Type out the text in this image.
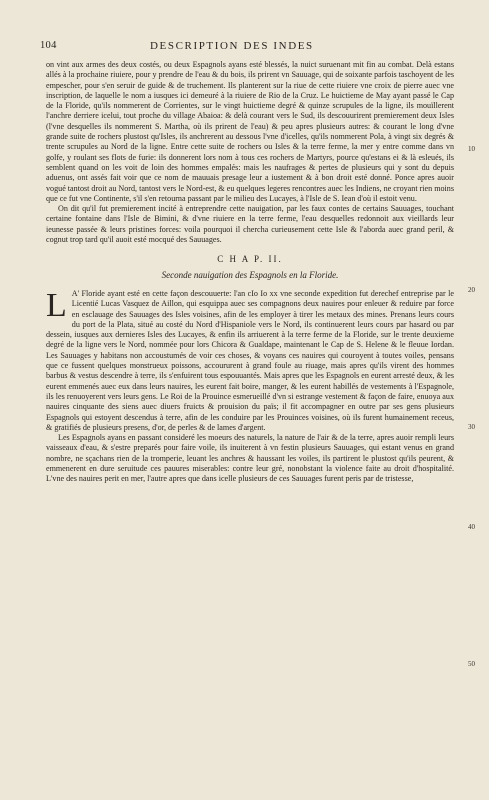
104	DESCRIPTION DES INDES

on vint aux armes des deux costés, ou deux Espagnols ayans esté blessés, la nuict suruenant mit fin au combat. Delà estans allés à la prochaine riuiere, pour y prendre de l'eau & du bois, ils prirent vn Sauuage, qui de soixante parfois taschoyent de les empescher, pour s'en seruir de guide & de truchement. Ils planterent sur la riue de cette riuiere vne croix de pierre auec vne inscription, de laquelle le nom a iusques ici demeuré à la riuiere de Rio de la Cruz. Le huictieme de May ayant passé le Cap de la Floride, qu'ils nommerent de Corrientes, sur le vingt huictieme degré & quinze scrupules de la ligne, ils mouïllerent l'anchre derriere icelui, tout proche du village Abaioa: & delà courant vers le Sud, ils descouurirent premierement deux Isles (l'vne desquelles ils nommerent S. Martha, où ils prirent de l'eau) & peu apres plusieurs autres: & courant le long d'vne grande suite de rochers plustost qu'Isles, ils anchrerent au dessous l'vne d'icelles, qu'ils nommerent Pola, à vingt six degrés & trente scrupules au Nord de la ligne. Entre cette suite de rochers ou Isles & la terre ferme, la mer y entre comme dans vn golfe, y roulant ses flots de furie: ils donnerent lors nom à tous ces rochers de Martyrs, pource qu'estans ei & là esleués, ils semblent quand on les voit de loin des hommes empalés: mais les naufrages & pertes de plusieurs qui y sont du depuis aduenus, ont assés fait voir que ce nom de mauuais presage leur a iustement & à bon droit esté donné. Ponce apres auoir vogué tantost droit au Nord, tantost vers le Nord-est, & eu quelques legeres rencontres auec les Indiens, ne croyant rien moins que ce fut vne Continente, s'il s'en retourna passant par le milieu des Lucayes, à l'Isle de S. Iean d'où il estoit venu.

On dit qu'il fut premierement incité à entreprendre cette nauigation, par les faux contes de certains Sauuages, touchant certaine fontaine dans l'Isle de Bimini, & d'vne riuiere en la terre ferme, l'eau desquelles redonnoit aux vieillards leur ieunesse passée & leurs pristines forces: voila pourquoi il chercha curieusement cette Isle & l'aborda auec grand peril, & cognut trop tard qu'il auoit esté mocqué des Sauuages.

C H A P. II.
Seconde nauigation des Espagnols en la Floride.

L A' Floride ayant esté en cette façon descouuerte: l'an cIo Io xx vne seconde expedition fut derechef entreprise par le Licentié Lucas Vasquez de Aillon, qui esquippa auec ses compagnons deux nauires pour enleuer & reduire par force en esclauage des Sauuages des Isles voisines, afin de les employer à tirer les metaux des mines. Prenans leurs cours du port de la Plata, situé au costé du Nord d'Hispaniole vers le Nord, ils continuerent leurs cours par hasard ou par dessein, iusques aux dernieres Isles des Lucayes, & enfin ils arriuerent à la terre ferme de la Floride, sur le trente deuxieme degré de la ligne vers le Nord, nommée pour lors Chicora & Gualdape, maintenant le Cap de S. Helene & le fleuue Iordan. Les Sauuages y habitans non accoustumés de voir ces choses, & voyans ces nauires qui couroyent à toutes voiles, pensans que ce fussent quelques monstrueux poissons, accoururent à grand foule au riuage, mais apres qu'ils virent des hommes barbus & vestus descendre à terre, ils s'enfuirent tous espouuantés. Mais apres que les Espagnols en eurent arresté deux, & les eurent emmenés auec eux dans leurs nauires, les eurent fait boire, manger, & les eurent habillés de vestements à l'Espagnole, ils les renuoyerent vers leurs gens. Le Roi de la Prouince esmerueillé d'vn si estrange vestement & façon de faire, enuoya aux nauires cinquante des siens auec diuers fruicts & prouision du païs; il fit accompagner en outre par ses gens plusieurs Espagnols qui estoyent descendus à terre, afin de les conduire par les Prouinces voisines, où ils furent humainement receus, & gratifiés de plusieurs presens, d'or, de perles & de lames d'argent.

Les Espagnols ayans en passant consideré les moeurs des naturels, la nature de l'air & de la terre, apres auoir rempli leurs vaisseaux d'eau, & s'estre preparés pour faire voile, ils inuiterent à vn festin plusieurs Sauuages, qui estant venus en grand nombre, ne sçachans rien de la tromperie, leuant les anchres & haussant les voiles, ils partirent le plustost qu'ils peurent, & emmenerent en dure seruitude ces pauures miserables: contre leur gré, nonobstant la violence faite au droit d'hospitalité. L'vne des nauires perit en mer, l'autre apres que dans icelle plusieurs de ces Sauuages furent peris par de tristesse,

10
20
30
40
50
